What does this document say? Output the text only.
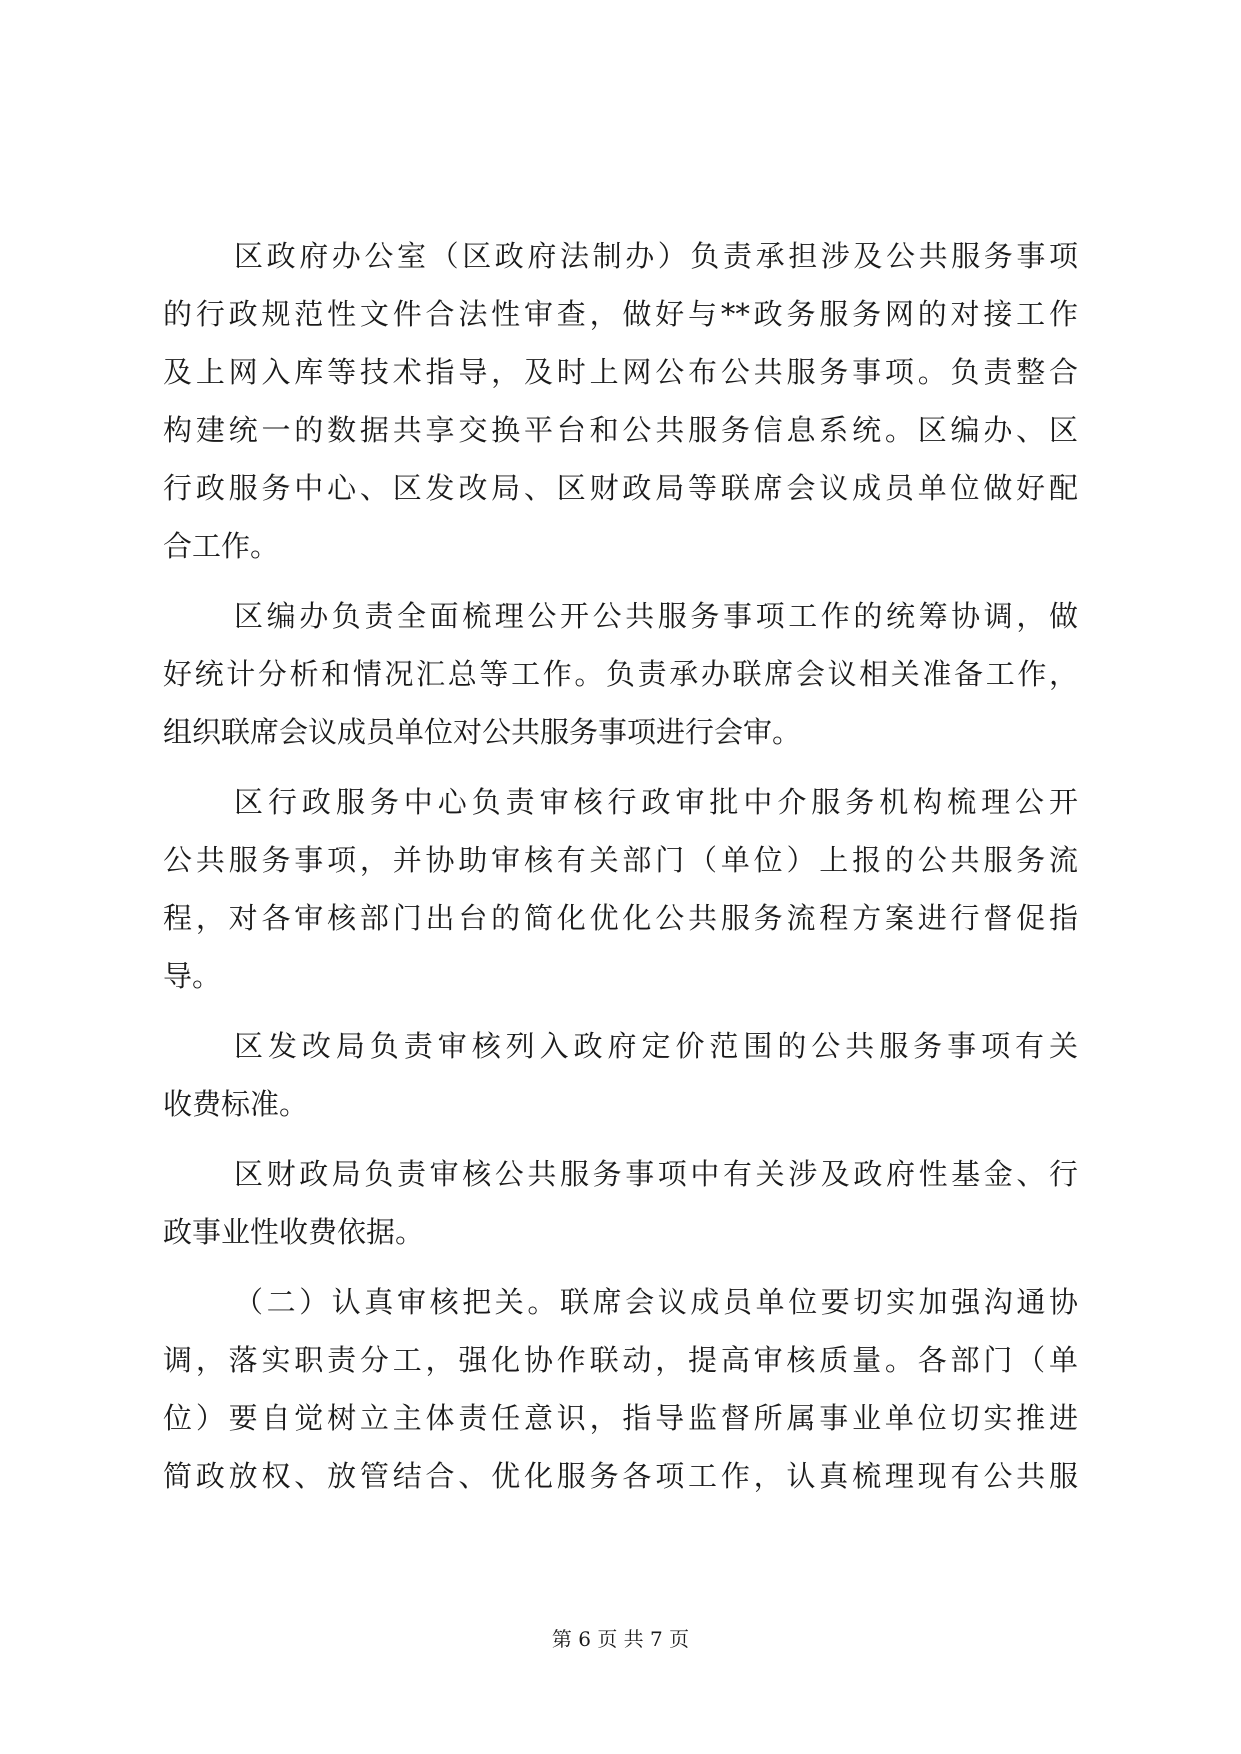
区政府办公室（区政府法制办）负责承担涉及公共服务事项
的行政规范性文件合法性审查，做好与**政务服务网的对接工作
及上网入库等技术指导，及时上网公布公共服务事项。负责整合
构建统一的数据共享交换平台和公共服务信息系统。区编办、区
行政服务中心、区发改局、区财政局等联席会议成员单位做好配
合工作。
区编办负责全面梳理公开公共服务事项工作的统筹协调，做
好统计分析和情况汇总等工作。负责承办联席会议相关准备工作，
组织联席会议成员单位对公共服务事项进行会审。
区行政服务中心负责审核行政审批中介服务机构梳理公开
公共服务事项，并协助审核有关部门（单位）上报的公共服务流
程，对各审核部门出台的简化优化公共服务流程方案进行督促指
导。
区发改局负责审核列入政府定价范围的公共服务事项有关
收费标准。
区财政局负责审核公共服务事项中有关涉及政府性基金、行
政事业性收费依据。
（二）认真审核把关。联席会议成员单位要切实加强沟通协
调，落实职责分工，强化协作联动，提高审核质量。各部门（单
位）要自觉树立主体责任意识，指导监督所属事业单位切实推进
简政放权、放管结合、优化服务各项工作，认真梳理现有公共服
第 6 页 共 7 页
